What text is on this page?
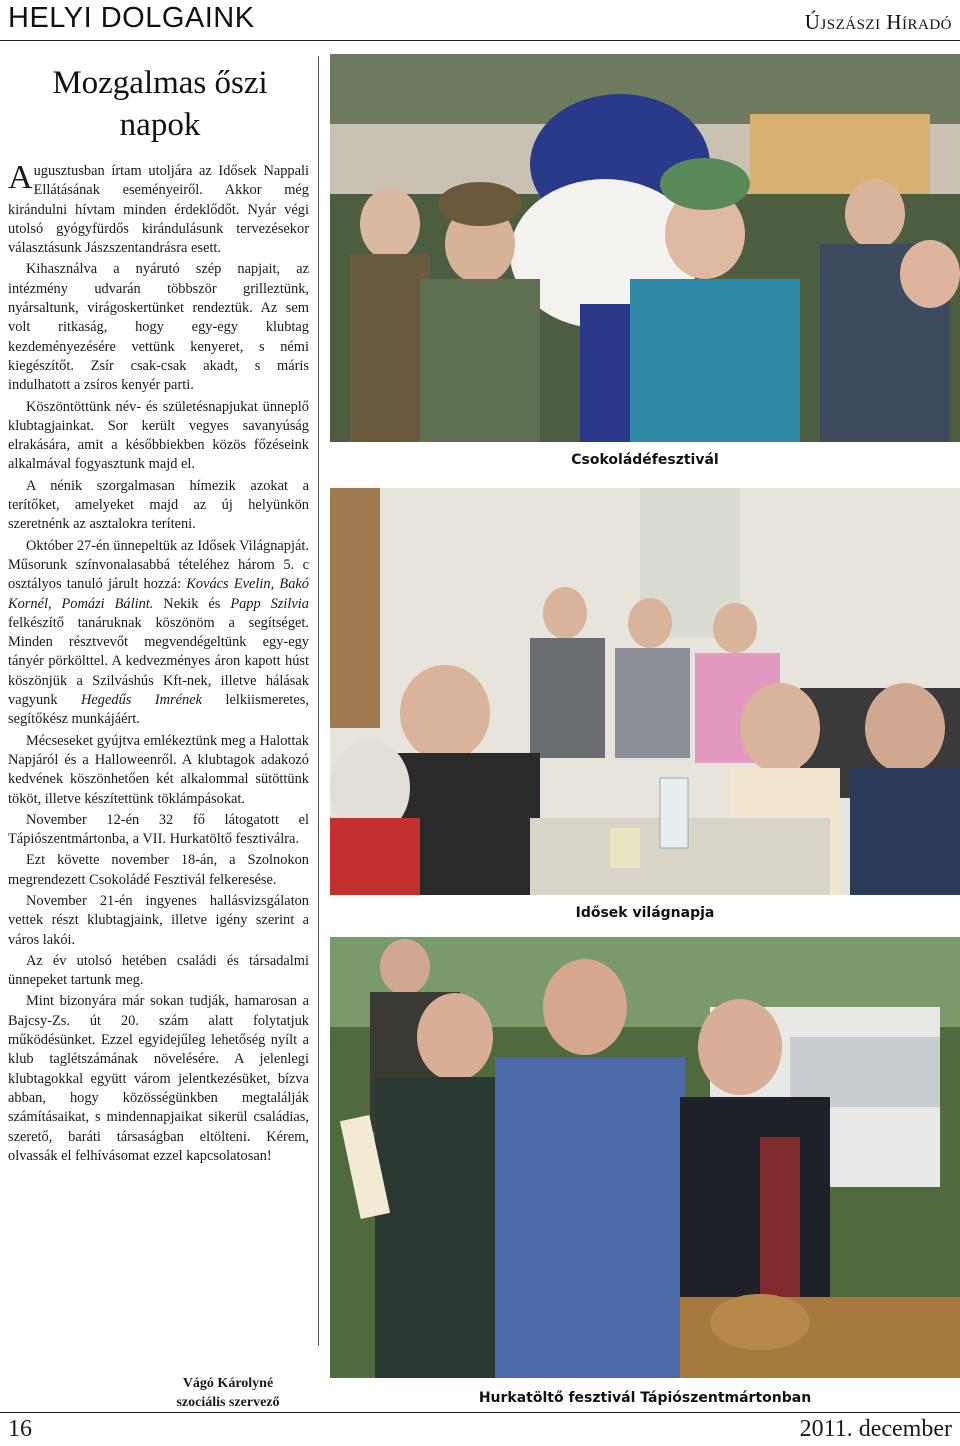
HELYI DOLGAINK	Újszászi Híradó
Mozgalmas őszi
napok

Augusztusban írtam utoljára az Idősek Nappali Ellátásának eseményeiről. Akkor még kirándulni hívtam minden érdeklődőt. Nyár végi utolsó gyógyfürdős kirándulásunk tervezésekor választásunk Jászszentandrásra esett.

Kihasználva a nyárutó szép napjait, az intézmény udvarán többször grilleztünk, nyársaltunk, virágoskertünket rendeztük. Az sem volt ritkaság, hogy egy-egy klubtag kezdeményezésére vettünk kenyeret, s némi kiegészítőt. Zsír csak-csak akadt, s máris indulhatott a zsíros kenyér parti.

Köszöntöttünk név- és születésnapjukat ünneplő klubtagjainkat. Sor került vegyes savanyúság elrakására, amit a későbbiekben közös főzéseink alkalmával fogyasztunk majd el.

A nénik szorgalmasan hímezik azokat a terítőket, amelyeket majd az új helyünkön szeretnénk az asztalokra teríteni.

Október 27-én ünnepeltük az Idősek Világnapját. Műsorunk színvonalasabbá tételéhez három 5. c osztályos tanuló járult hozzá: Kovács Evelin, Bakó Kornél, Pomázi Bálint. Nekik és Papp Szilvia felkészítő tanáruknak köszönöm a segítséget. Minden résztvevőt megvendégeltünk egy-egy tányér pörkölttel. A kedvezményes áron kapott húst köszönjük a Szilváshús Kft-nek, illetve hálásak vagyunk Hegedűs Imrének lelkiismeretes, segítőkész munkájáért.

Mécseseket gyújtva emlékeztünk meg a Halottak Napjáról és a Halloweenről. A klubtagok adakozó kedvének köszönhetően két alkalommal sütöttünk tököt, illetve készítettünk töklámpásokat.

November 12-én 32 fő látogatott el Tápiószentmártonba, a VII. Hurkatöltő fesztiválra.

Ezt követte november 18-án, a Szolnokon megrendezett Csokoládé Fesztivál felkeresése.

November 21-én ingyenes hallásvizsgálaton vettek részt klubtagjaink, illetve igény szerint a város lakói.

Az év utolsó hetében családi és társadalmi ünnepeket tartunk meg.

Mint bizonyára már sokan tudják, hamarosan a Bajcsy-Zs. út 20. szám alatt folytatjuk működésünket. Ezzel egyidejűleg lehetőség nyílt a klub taglétszámának növelésére. A jelenlegi klubtagokkal együtt várom jelentkezésüket, bízva abban, hogy közösségünkben megtalálják számításaikat, s mindennapjaikat sikerül családias, szerető, baráti társaságban eltölteni. Kérem, olvassák el felhívásomat ezzel kapcsolatosan!

Vágó Károlyné
szociális szervező
Csokoládéfesztivál
Idősek világnapja
Hurkatöltő fesztivál Tápiószentmártonban
16	2011. december
